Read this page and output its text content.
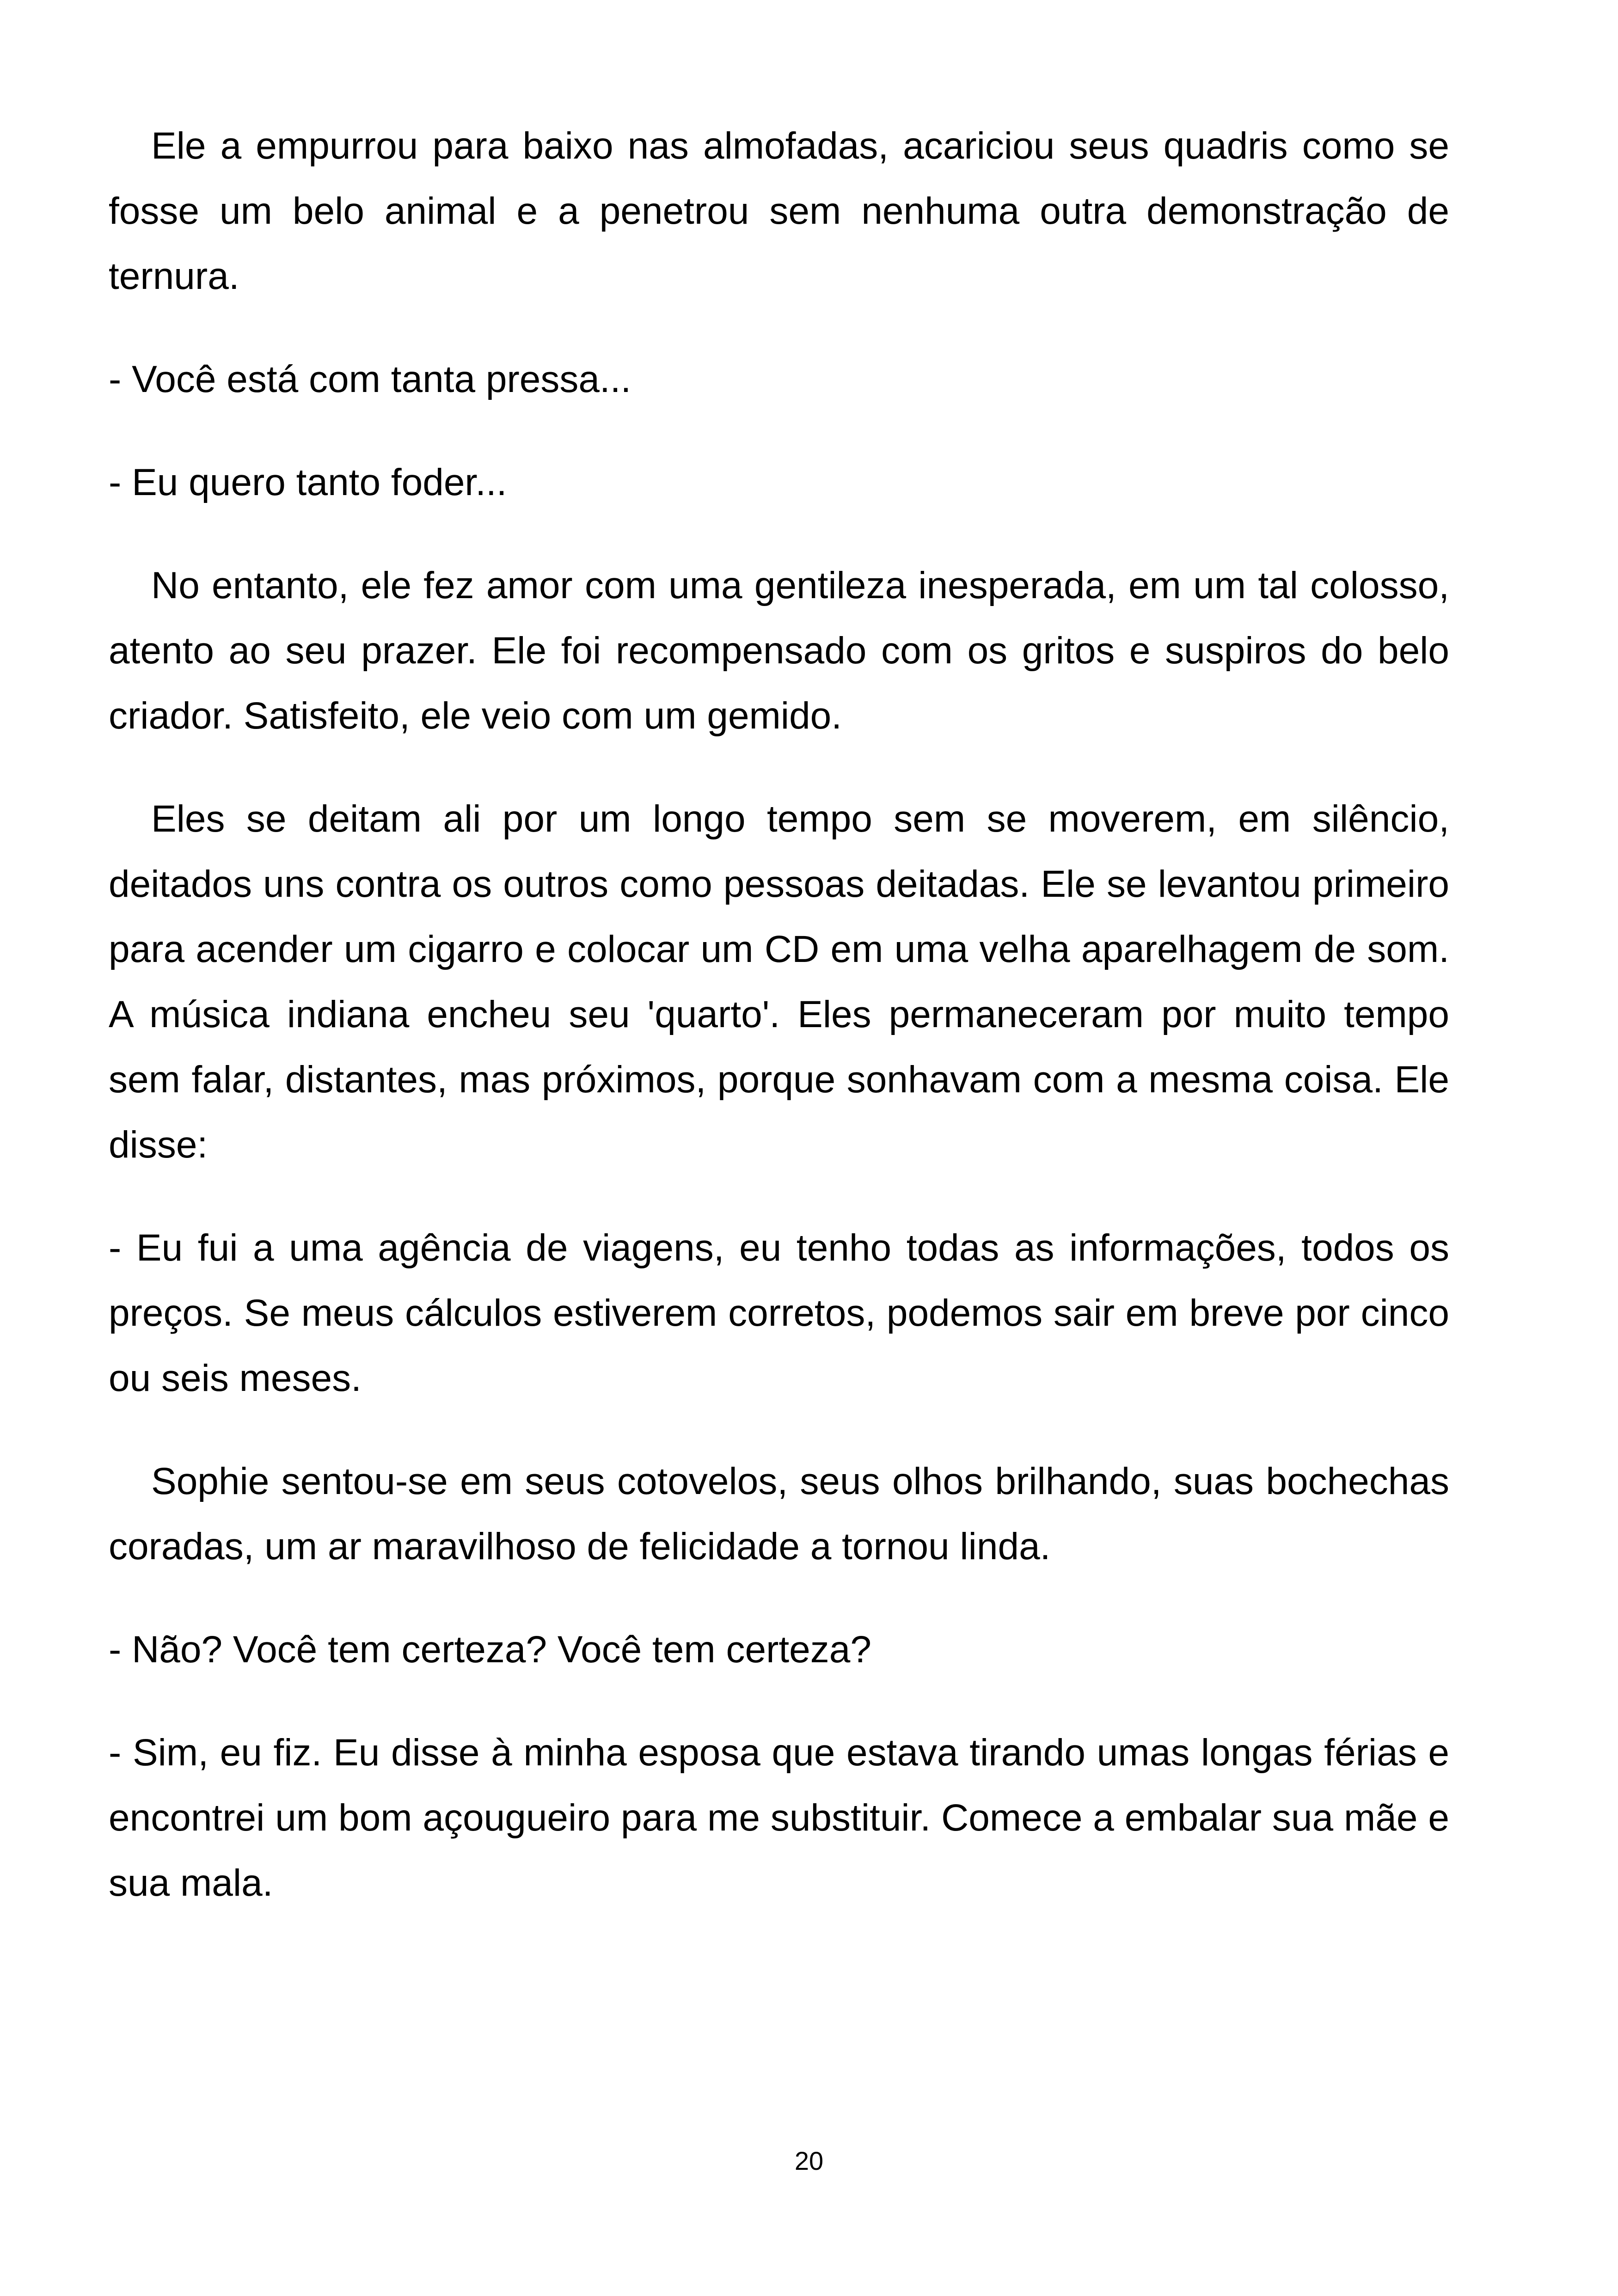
Ele a empurrou para baixo nas almofadas, acariciou seus quadris como se fosse um belo animal e a penetrou sem nenhuma outra demonstração de ternura.

- Você está com tanta pressa...

- Eu quero tanto foder...

No entanto, ele fez amor com uma gentileza inesperada, em um tal colosso, atento ao seu prazer. Ele foi recompensado com os gritos e suspiros do belo criador. Satisfeito, ele veio com um gemido.

Eles se deitam ali por um longo tempo sem se moverem, em silêncio, deitados uns contra os outros como pessoas deitadas. Ele se levantou primeiro para acender um cigarro e colocar um CD em uma velha aparelhagem de som. A música indiana encheu seu 'quarto'. Eles permaneceram por muito tempo sem falar, distantes, mas próximos, porque sonhavam com a mesma coisa. Ele disse:

- Eu fui a uma agência de viagens, eu tenho todas as informações, todos os preços. Se meus cálculos estiverem corretos, podemos sair em breve por cinco ou seis meses.

Sophie sentou-se em seus cotovelos, seus olhos brilhando, suas bochechas coradas, um ar maravilhoso de felicidade a tornou linda.

- Não? Você tem certeza? Você tem certeza?

- Sim, eu fiz. Eu disse à minha esposa que estava tirando umas longas férias e encontrei um bom açougueiro para me substituir. Comece a embalar sua mãe e sua mala.

20
